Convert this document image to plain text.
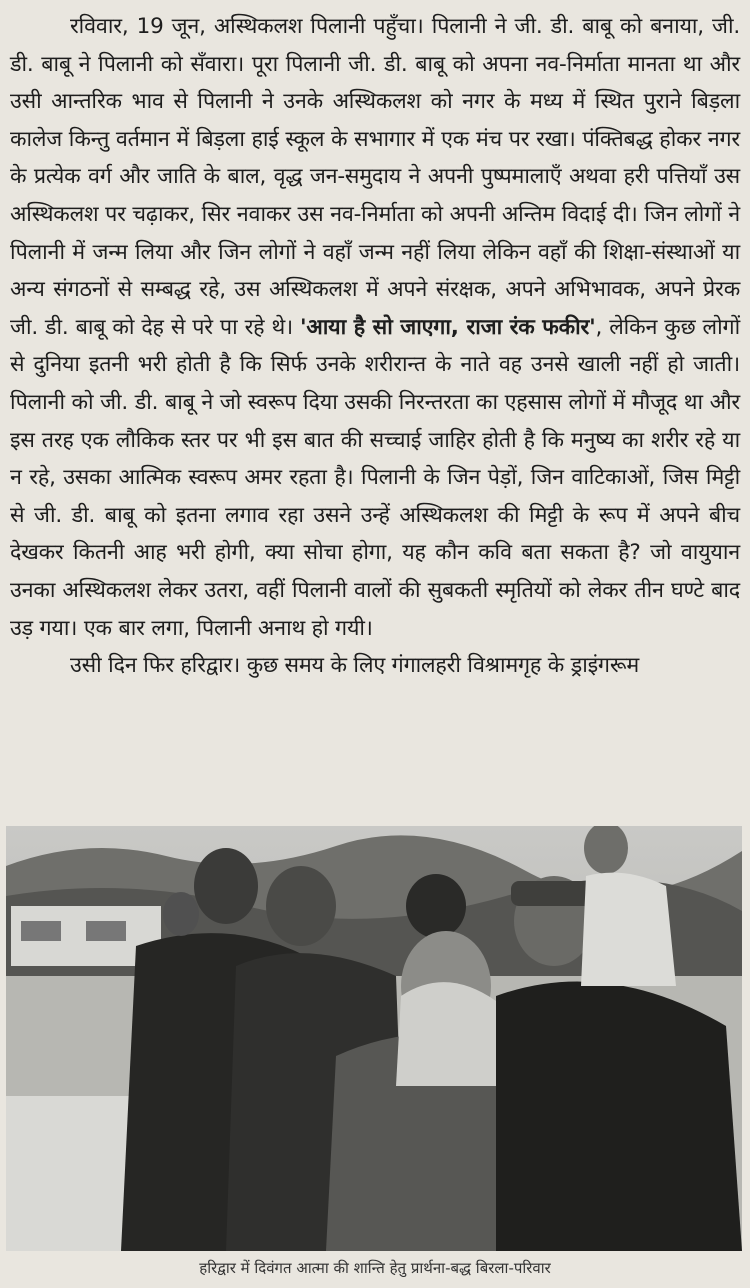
रविवार, 19 जून, अस्थिकलश पिलानी पहुँचा। पिलानी ने जी. डी. बाबू को बनाया, जी. डी. बाबू ने पिलानी को सँवारा। पूरा पिलानी जी. डी. बाबू को अपना नव-निर्माता मानता था और उसी आन्तरिक भाव से पिलानी ने उनके अस्थिकलश को नगर के मध्य में स्थित पुराने बिड़ला कालेज किन्तु वर्तमान में बिड़ला हाई स्कूल के सभागार में एक मंच पर रखा। पंक्तिबद्ध होकर नगर के प्रत्येक वर्ग और जाति के बाल, वृद्ध जन-समुदाय ने अपनी पुष्पमालाएँ अथवा हरी पत्तियाँ उस अस्थिकलश पर चढ़ाकर, सिर नवाकर उस नव-निर्माता को अपनी अन्तिम विदाई दी। जिन लोगों ने पिलानी में जन्म लिया और जिन लोगों ने वहाँ जन्म नहीं लिया लेकिन वहाँ की शिक्षा-संस्थाओं या अन्य संगठनों से सम्बद्ध रहे, उस अस्थिकलश में अपने संरक्षक, अपने अभिभावक, अपने प्रेरक जी. डी. बाबू को देह से परे पा रहे थे। 'आया है सो जाएगा, राजा रंक फकीर', लेकिन कुछ लोगों से दुनिया इतनी भरी होती है कि सिर्फ उनके शरीरान्त के नाते वह उनसे खाली नहीं हो जाती। पिलानी को जी. डी. बाबू ने जो स्वरूप दिया उसकी निरन्तरता का एहसास लोगों में मौजूद था और इस तरह एक लौकिक स्तर पर भी इस बात की सच्चाई जाहिर होती है कि मनुष्य का शरीर रहे या न रहे, उसका आत्मिक स्वरूप अमर रहता है। पिलानी के जिन पेड़ों, जिन वाटिकाओं, जिस मिट्टी से जी. डी. बाबू को इतना लगाव रहा उसने उन्हें अस्थिकलश की मिट्टी के रूप में अपने बीच देखकर कितनी आह भरी होगी, क्या सोचा होगा, यह कौन कवि बता सकता है? जो वायुयान उनका अस्थिकलश लेकर उतरा, वहीं पिलानी वालों की सुबकती स्मृतियों को लेकर तीन घण्टे बाद उड़ गया। एक बार लगा, पिलानी अनाथ हो गयी।

उसी दिन फिर हरिद्वार। कुछ समय के लिए गंगालहरी विश्रामगृह के ड्राइंगरूम

हरिद्वार में दिवंगत आत्मा की शान्ति हेतु प्रार्थना-बद्ध बिरला-परिवार
